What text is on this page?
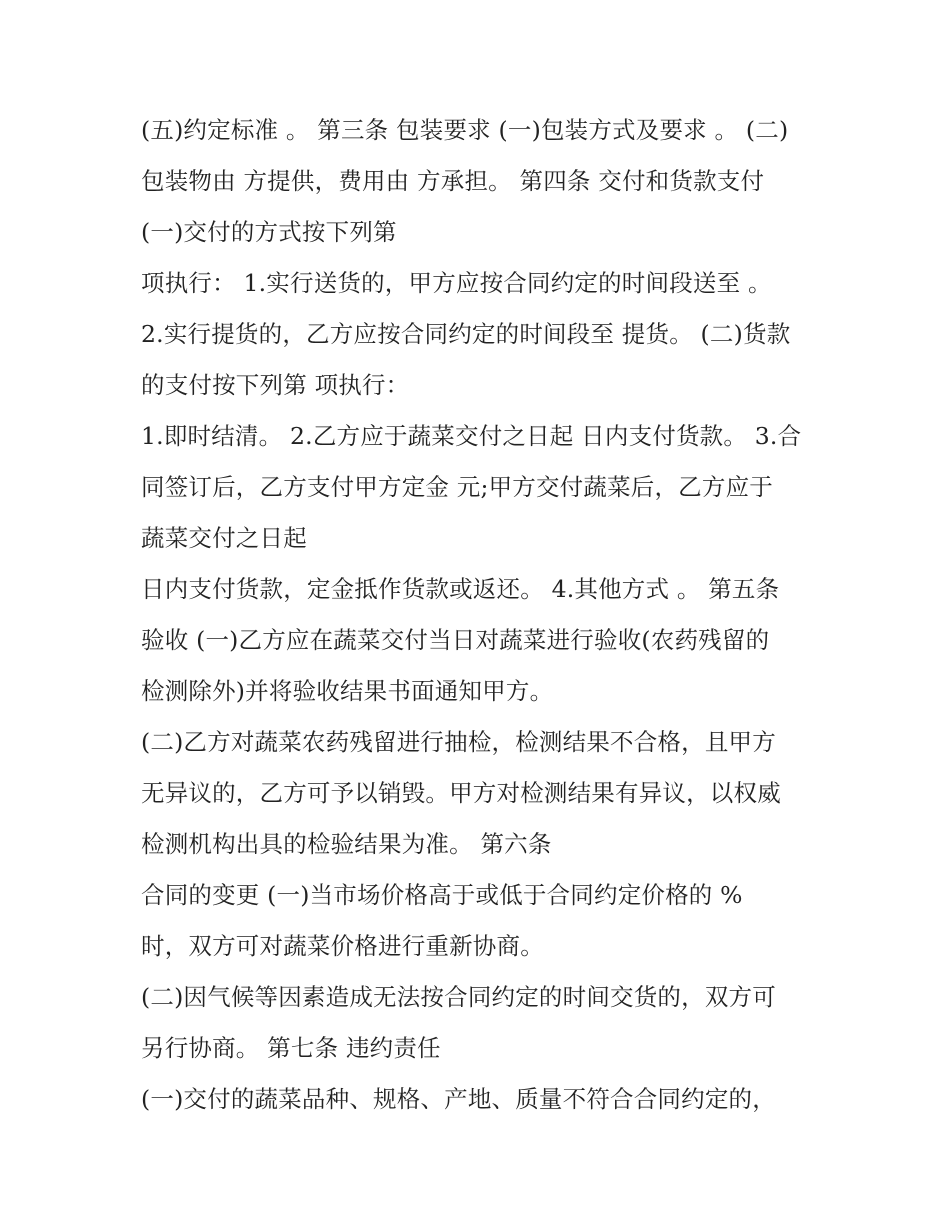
(五)约定标准 。 第三条 包装要求 (一)包装方式及要求 。 (二)
包装物由 方提供，费用由 方承担。 第四条 交付和货款支付
(一)交付的方式按下列第
项执行： 1.实行送货的，甲方应按合同约定的时间段送至 。
2.实行提货的，乙方应按合同约定的时间段至 提货。 (二)货款
的支付按下列第 项执行：
1.即时结清。 2.乙方应于蔬菜交付之日起 日内支付货款。 3.合
同签订后，乙方支付甲方定金 元;甲方交付蔬菜后，乙方应于
蔬菜交付之日起
日内支付货款，定金抵作货款或返还。 4.其他方式 。 第五条
验收 (一)乙方应在蔬菜交付当日对蔬菜进行验收(农药残留的
检测除外)并将验收结果书面通知甲方。
(二)乙方对蔬菜农药残留进行抽检，检测结果不合格，且甲方
无异议的，乙方可予以销毁。甲方对检测结果有异议，以权威
检测机构出具的检验结果为准。 第六条
合同的变更 (一)当市场价格高于或低于合同约定价格的 %
时，双方可对蔬菜价格进行重新协商。
(二)因气候等因素造成无法按合同约定的时间交货的，双方可
另行协商。 第七条 违约责任
(一)交付的蔬菜品种、规格、产地、质量不符合合同约定的，
